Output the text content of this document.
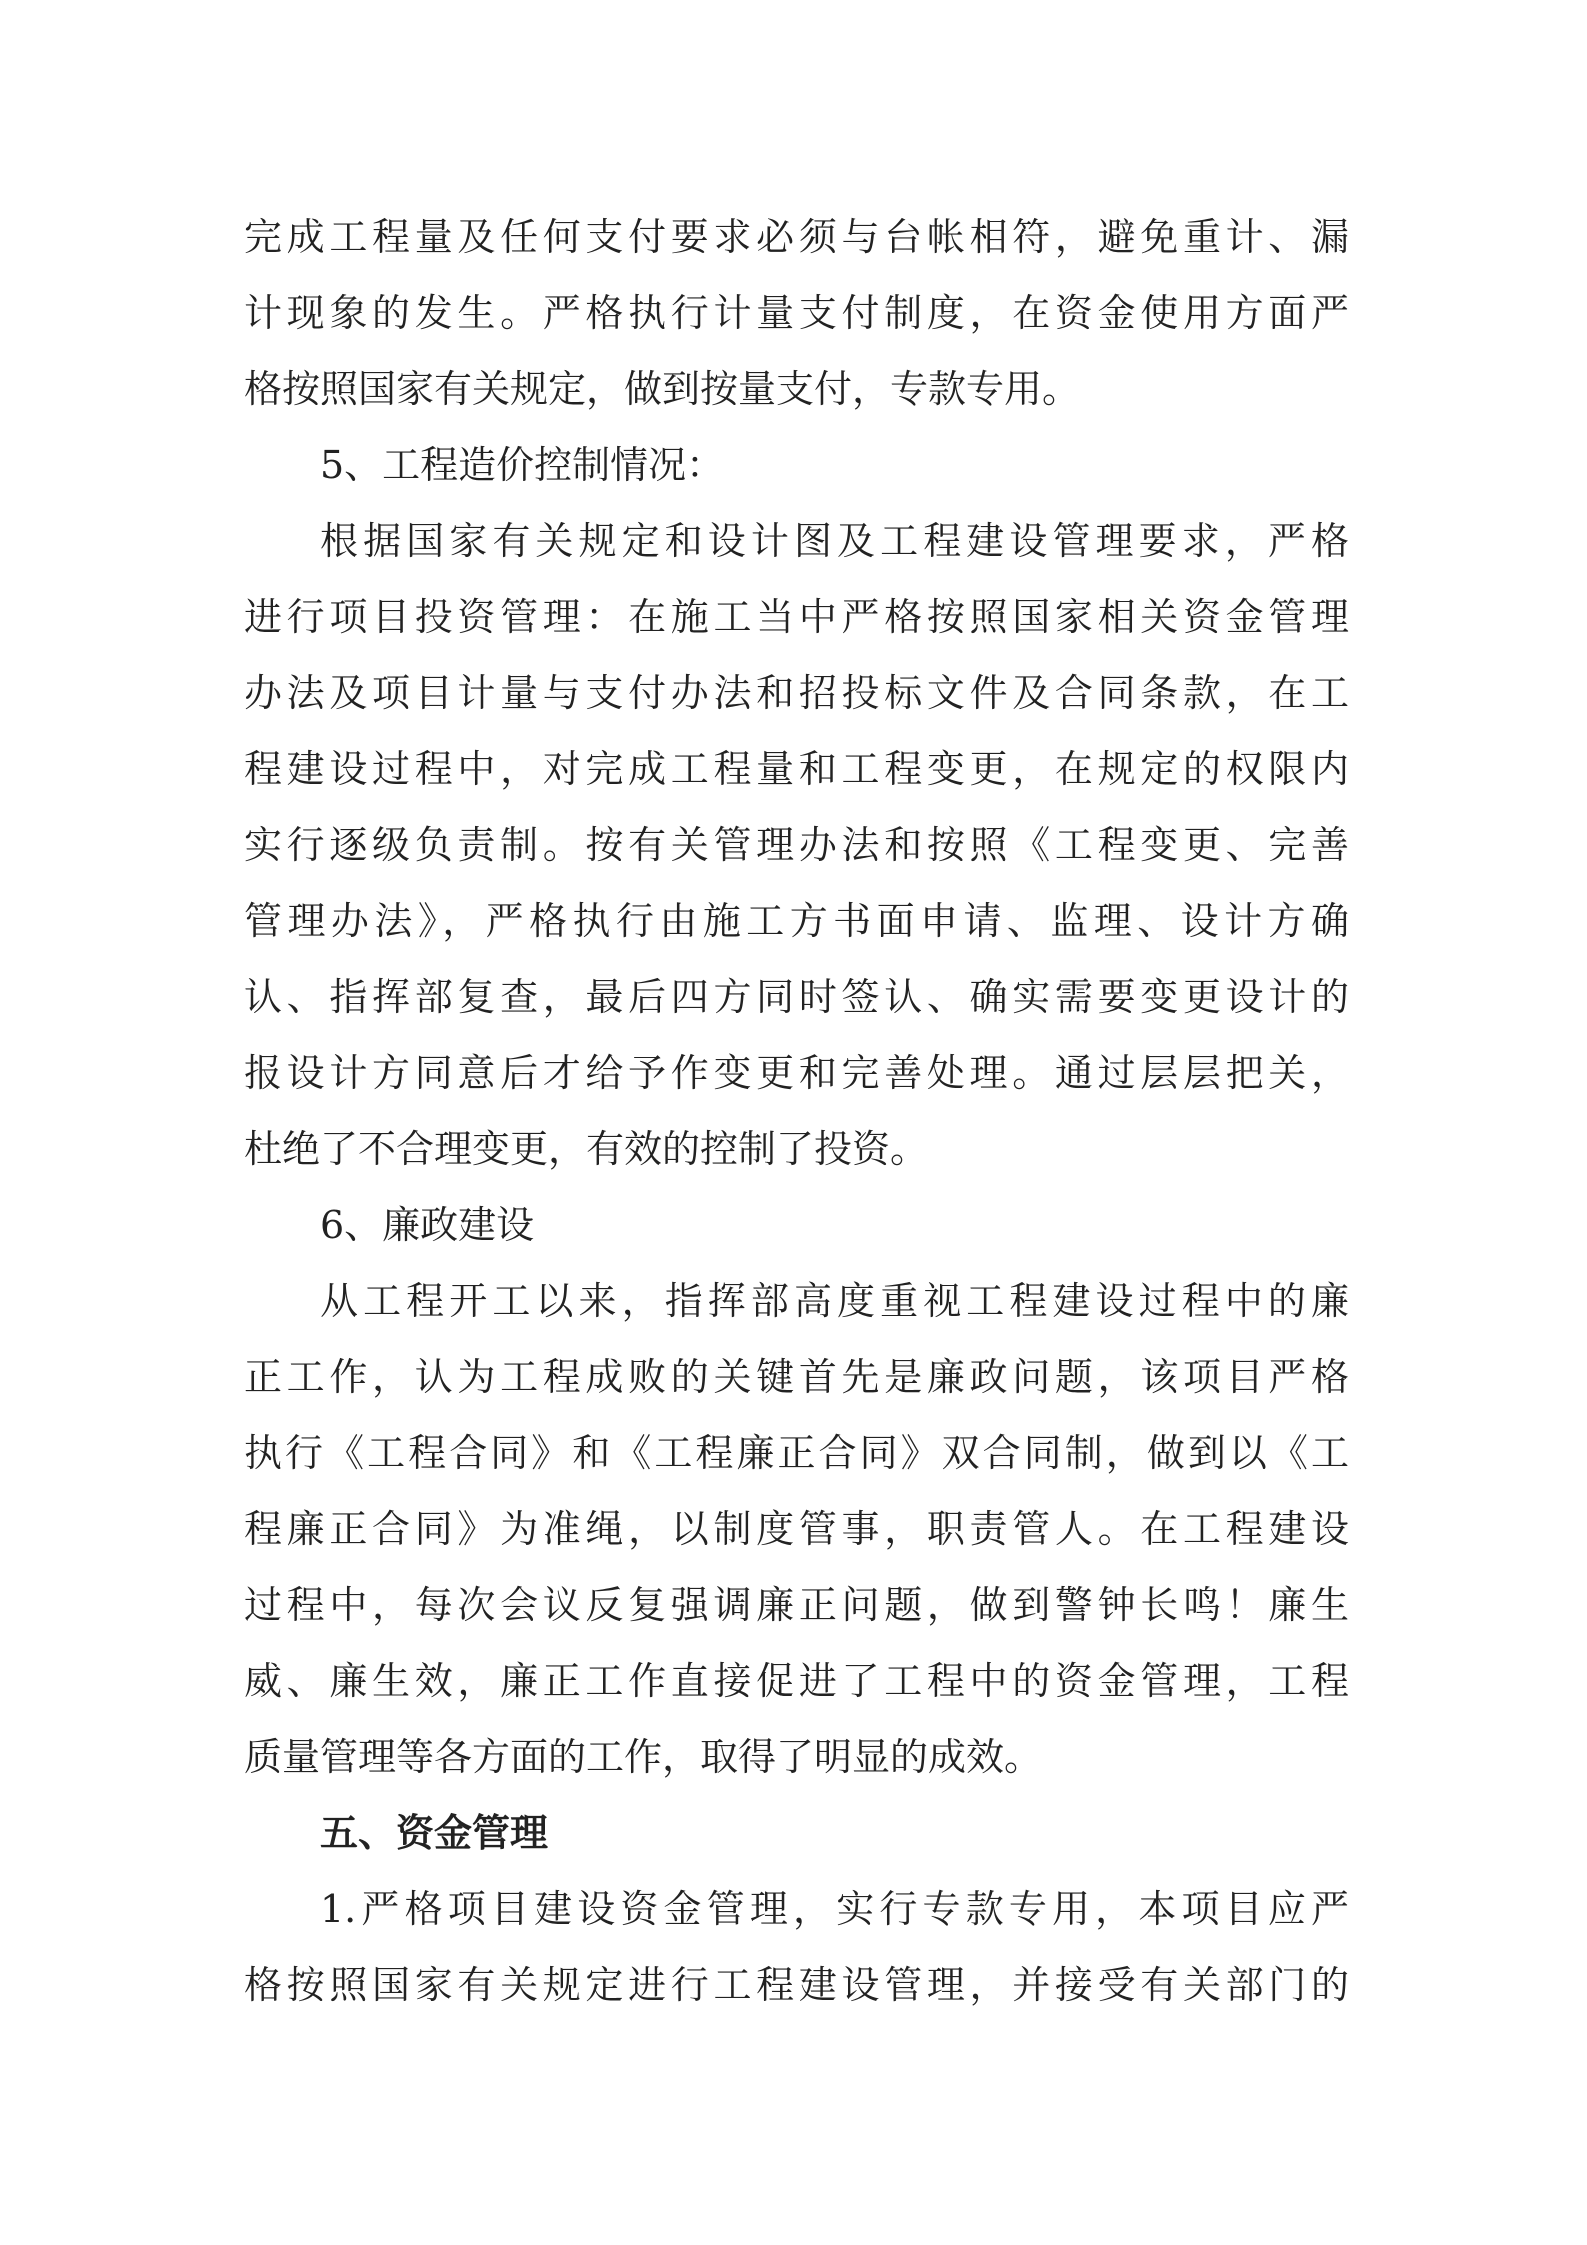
完成工程量及任何支付要求必须与台帐相符，避免重计、漏
计现象的发生。严格执行计量支付制度，在资金使用方面严
格按照国家有关规定，做到按量支付，专款专用。
5、工程造价控制情况：
根据国家有关规定和设计图及工程建设管理要求，严格
进行项目投资管理：在施工当中严格按照国家相关资金管理
办法及项目计量与支付办法和招投标文件及合同条款，在工
程建设过程中，对完成工程量和工程变更，在规定的权限内
实行逐级负责制。按有关管理办法和按照《工程变更、完善
管理办法》，严格执行由施工方书面申请、监理、设计方确
认、指挥部复查，最后四方同时签认、确实需要变更设计的
报设计方同意后才给予作变更和完善处理。通过层层把关，
杜绝了不合理变更，有效的控制了投资。
6、廉政建设
从工程开工以来，指挥部高度重视工程建设过程中的廉
正工作，认为工程成败的关键首先是廉政问题，该项目严格
执行《工程合同》和《工程廉正合同》双合同制，做到以《工
程廉正合同》为准绳，以制度管事，职责管人。在工程建设
过程中，每次会议反复强调廉正问题，做到警钟长鸣！廉生
威、廉生效，廉正工作直接促进了工程中的资金管理，工程
质量管理等各方面的工作，取得了明显的成效。
五、资金管理
1.严格项目建设资金管理，实行专款专用，本项目应严
格按照国家有关规定进行工程建设管理，并接受有关部门的
